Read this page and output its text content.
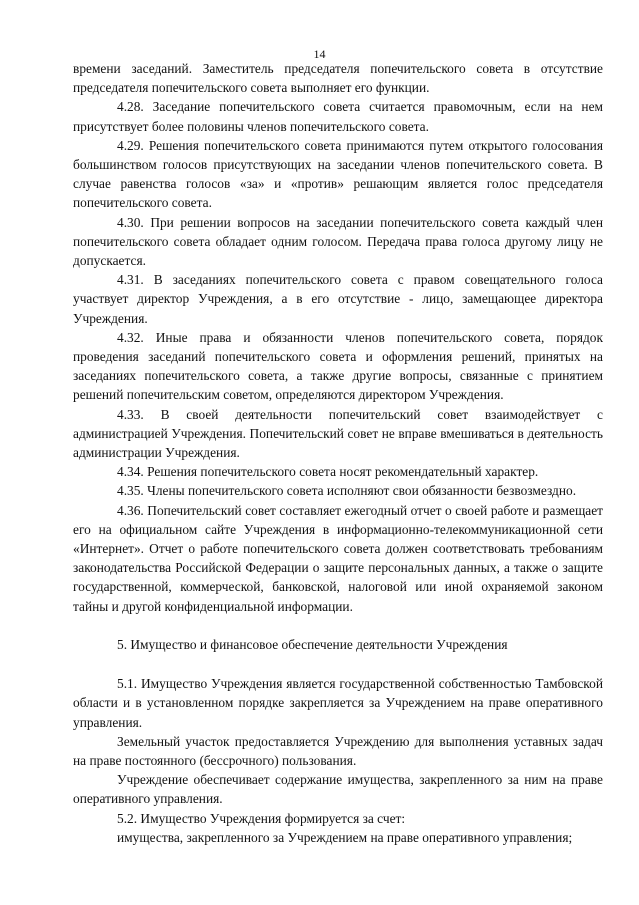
14

времени заседаний. Заместитель председателя попечительского совета в отсутствие председателя попечительского совета выполняет его функции.

4.28. Заседание попечительского совета считается правомочным, если на нем присутствует более половины членов попечительского совета.

4.29. Решения попечительского совета принимаются путем открытого голосования большинством голосов присутствующих на заседании членов попечительского совета. В случае равенства голосов «за» и «против» решающим является голос председателя попечительского совета.

4.30. При решении вопросов на заседании попечительского совета каждый член попечительского совета обладает одним голосом. Передача права голоса другому лицу не допускается.

4.31. В заседаниях попечительского совета с правом совещательного голоса участвует директор Учреждения, а в его отсутствие - лицо, замещающее директора Учреждения.

4.32. Иные права и обязанности членов попечительского совета, порядок проведения заседаний попечительского совета и оформления решений, принятых на заседаниях попечительского совета, а также другие вопросы, связанные с принятием решений попечительским советом, определяются директором Учреждения.

4.33. В своей деятельности попечительский совет взаимодействует с администрацией Учреждения. Попечительский совет не вправе вмешиваться в деятельность администрации Учреждения.

4.34. Решения попечительского совета носят рекомендательный характер.

4.35. Члены попечительского совета исполняют свои обязанности безвозмездно.

4.36. Попечительский совет составляет ежегодный отчет о своей работе и размещает его на официальном сайте Учреждения в информационно-телекоммуникационной сети «Интернет». Отчет о работе попечительского совета должен соответствовать требованиям законодательства Российской Федерации о защите персональных данных, а также о защите государственной, коммерческой, банковской, налоговой или иной охраняемой законом тайны и другой конфиденциальной информации.

5. Имущество и финансовое обеспечение деятельности Учреждения

5.1. Имущество Учреждения является государственной собственностью Тамбовской области и в установленном порядке закрепляется за Учреждением на праве оперативного управления.

Земельный участок предоставляется Учреждению для выполнения уставных задач на праве постоянного (бессрочного) пользования.

Учреждение обеспечивает содержание имущества, закрепленного за ним на праве оперативного управления.

5.2. Имущество Учреждения формируется за счет:

имущества, закрепленного за Учреждением на праве оперативного управления;
